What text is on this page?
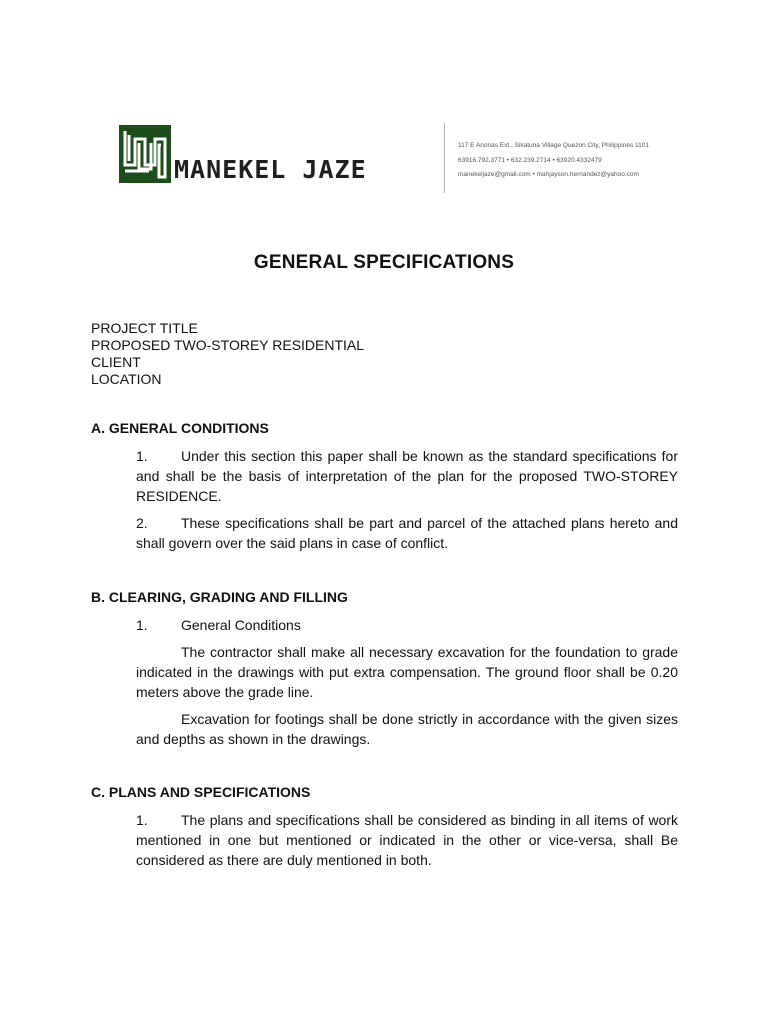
MANEKEL JAZE
117 E Anonas Ext., Sikatuna Village Quezon City, Philippines 1101
63916.792.3771 • 632.239.2714 • 63920.4332479
manekeljaze@gmail.com • mahjayson.hernandez@yahoo.com
GENERAL SPECIFICATIONS
PROJECT TITLE
PROPOSED TWO-STOREY RESIDENTIAL
CLIENT
LOCATION
A. GENERAL CONDITIONS
1. Under this section this paper shall be known as the standard specifications for and shall be the basis of interpretation of the plan for the proposed TWO-STOREY RESIDENCE.
2. These specifications shall be part and parcel of the attached plans hereto and shall govern over the said plans in case of conflict.
B. CLEARING, GRADING AND FILLING
1. General Conditions
The contractor shall make all necessary excavation for the foundation to grade indicated in the drawings with put extra compensation. The ground floor shall be 0.20 meters above the grade line.
Excavation for footings shall be done strictly in accordance with the given sizes and depths as shown in the drawings.
C. PLANS AND SPECIFICATIONS
1. The plans and specifications shall be considered as binding in all items of work mentioned in one but mentioned or indicated in the other or vice-versa, shall Be considered as there are duly mentioned in both.
